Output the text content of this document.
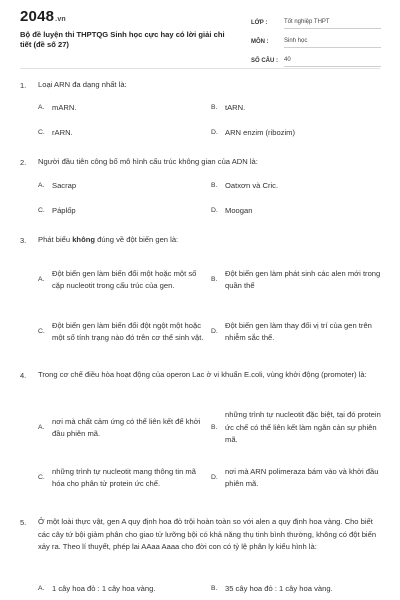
2048.vn
Bộ đề luyện thi THPTQG Sinh học cực hay có lời giải chi tiết (đề số 27)
LỚP :	Tốt nghiệp THPT
MÔN :	Sinh học
SỐ CÂU :	40
1. Loại ARN đa dạng nhất là:
A. mARN.	B. tARN.
C. rARN.	D. ARN enzim (ribozim)
2. Người đầu tiên công bố mô hình cấu trúc không gian của ADN là:
A. Sacrap	B. Oatxơn và Cric.
C. Páplốp	D. Moogan
3. Phát biểu không đúng về đột biến gen là:
A.
Đột biến gen làm biến đổi một hoặc một số cặp nucleotit trong cấu trúc của gen.
B.
Đột biến gen làm phát sinh các alen mới trong quần thể
C.
Đột biến gen làm biến đổi đột ngột một hoặc một số tính trạng nào đó trên cơ thể sinh vật.
D.
Đột biến gen làm thay đổi vị trí của gen trên nhiễm sắc thể.
4. Trong cơ chế điều hòa hoạt động của operon Lac ở vi khuẩn E.coli, vùng khởi động (promoter) là:
A.
nơi mà chất cảm ứng có thể liên kết để khởi đầu phiên mã.
B.
những trình tự nucleotit đặc biệt, tại đó protein ức chế có thể liên kết làm ngăn cản sự phiên mã.
C.
những trình tự nucleotit mang thông tin mã hóa cho phân tử protein ức chế.
D.
nơi mà ARN polimeraza bám vào và khởi đầu phiên mã.
5. Ở một loài thực vật, gen A quy định hoa đỏ trội hoàn toàn so với alen a quy định hoa vàng. Cho biết các cây tứ bội giảm phân cho giao tử lưỡng bội có khả năng thụ tinh bình thường, không có đột biến xảy ra. Theo lí thuyết, phép lai AAaa Aaaa cho đời con có tỷ lệ phân ly kiểu hình là:
A. 1 cây hoa đỏ : 1 cây hoa vàng.	B. 35 cây hoa đỏ : 1 cây hoa vàng.
